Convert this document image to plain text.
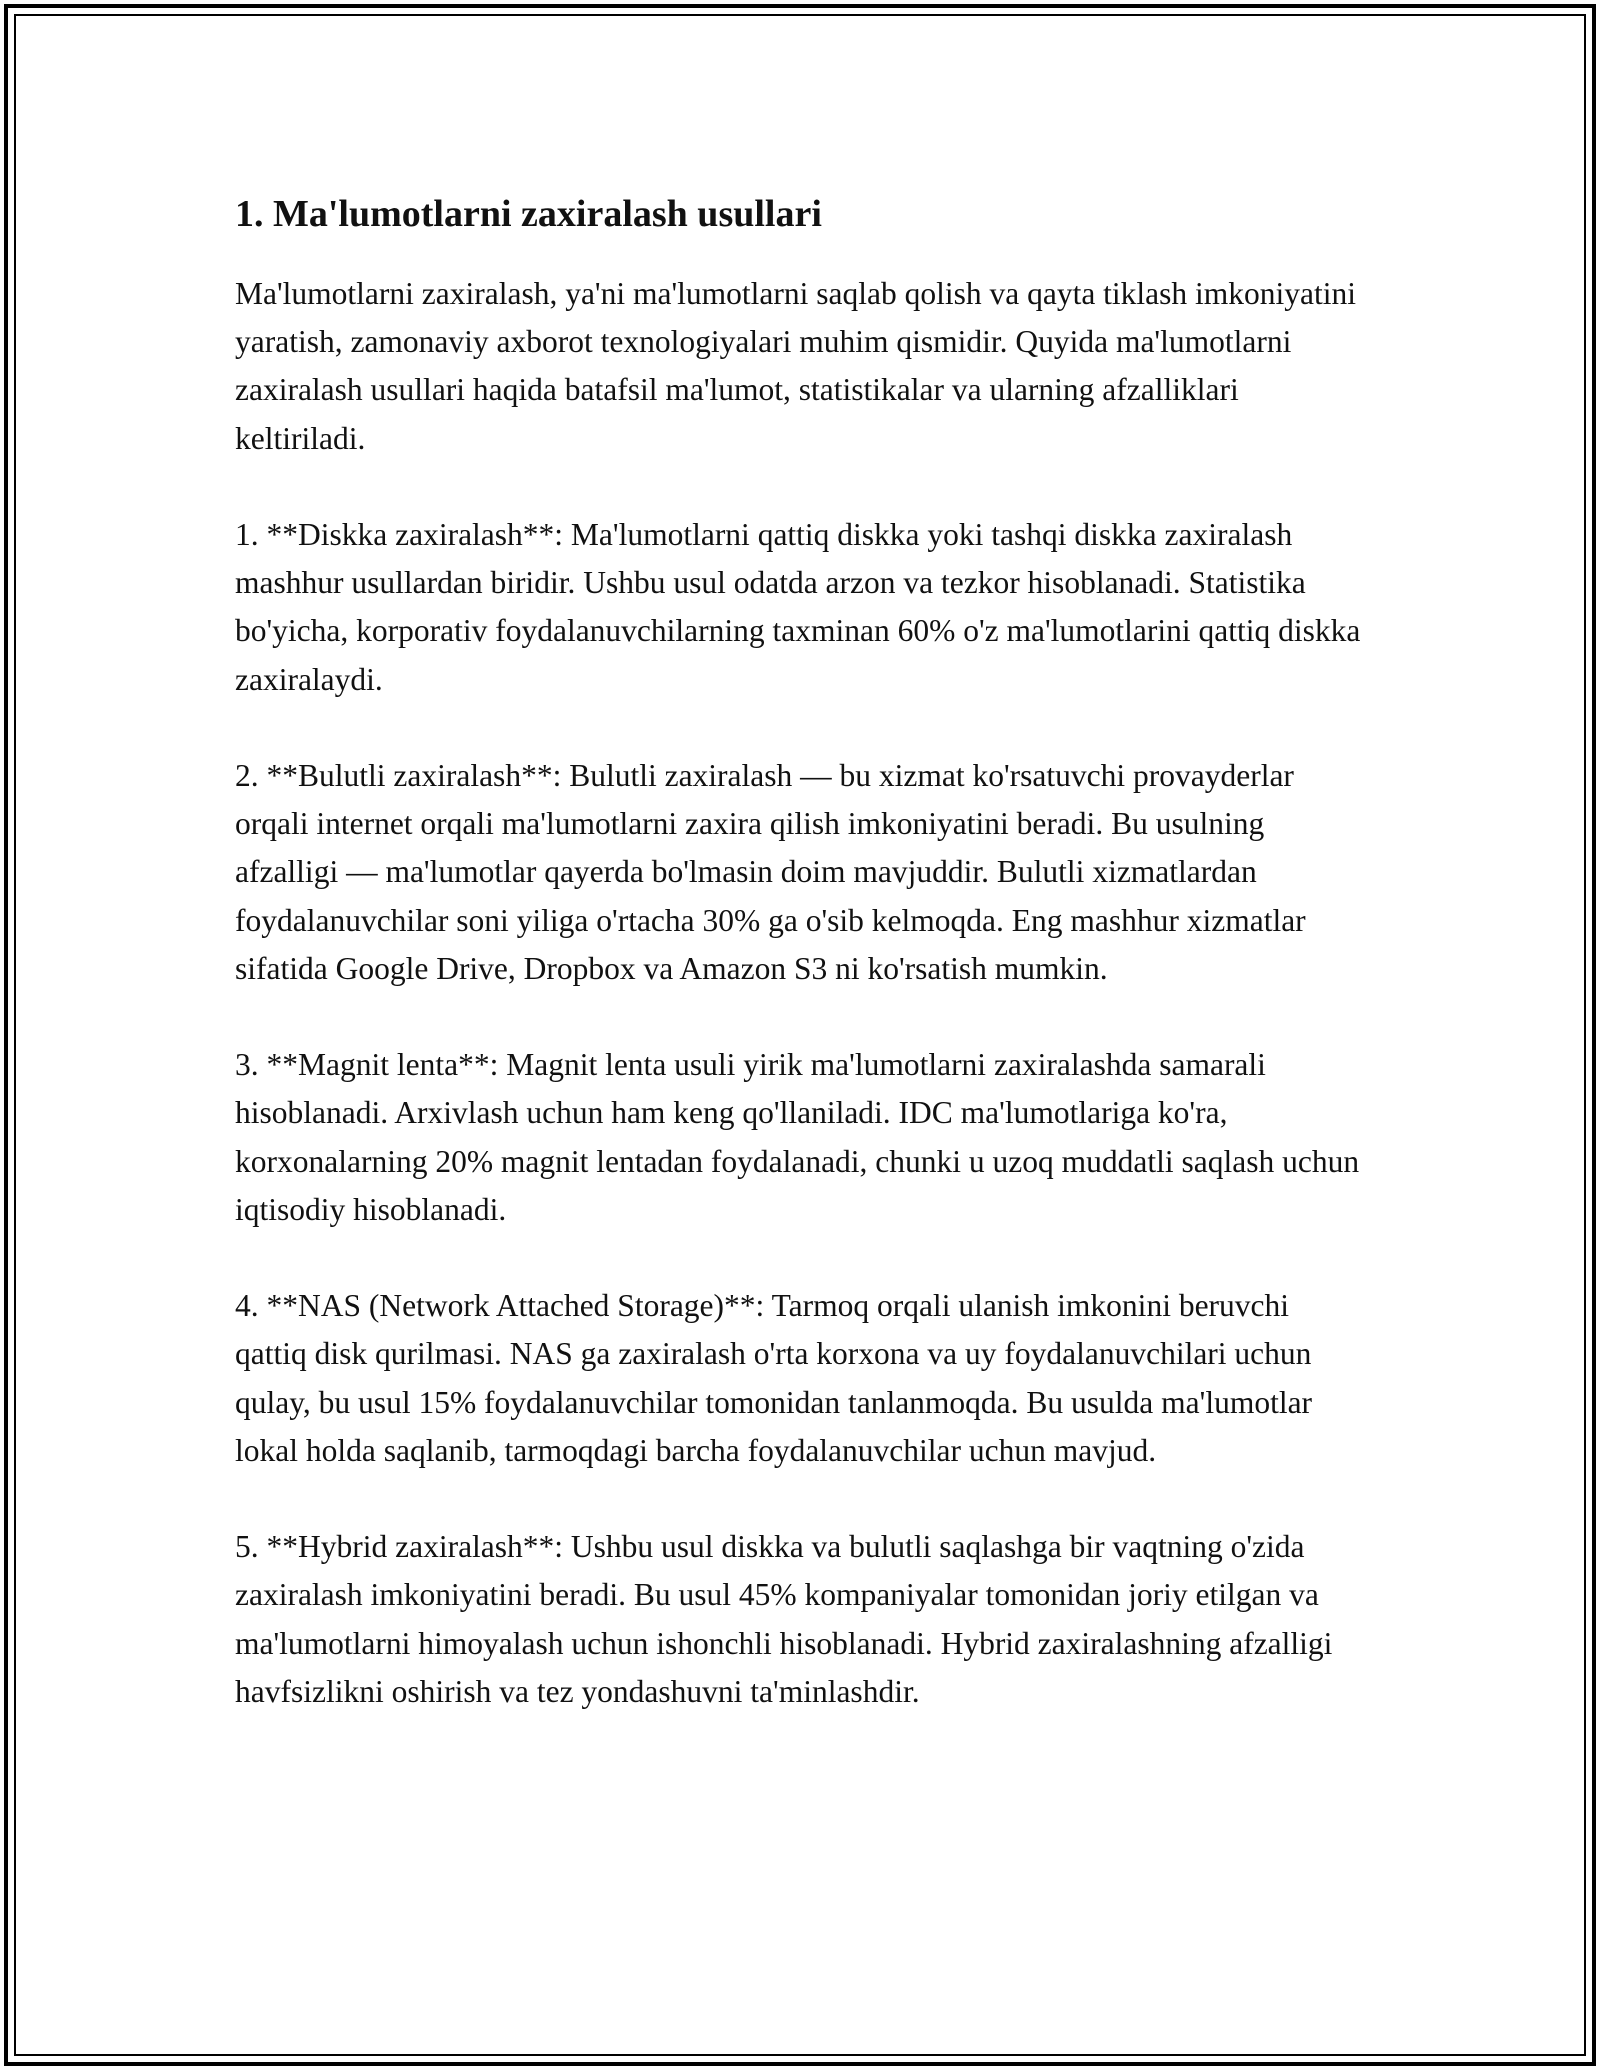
1. Ma'lumotlarni zaxiralash usullari

Ma'lumotlarni zaxiralash, ya'ni ma'lumotlarni saqlab qolish va qayta tiklash imkoniyatini yaratish, zamonaviy axborot texnologiyalari muhim qismidir. Quyida ma'lumotlarni zaxiralash usullari haqida batafsil ma'lumot, statistikalar va ularning afzalliklari keltiriladi.

1. **Diskka zaxiralash**: Ma'lumotlarni qattiq diskka yoki tashqi diskka zaxiralash mashhur usullardan biridir. Ushbu usul odatda arzon va tezkor hisoblanadi. Statistika bo'yicha, korporativ foydalanuvchilarning taxminan 60% o'z ma'lumotlarini qattiq diskka zaxiralaydi.

2. **Bulutli zaxiralash**: Bulutli zaxiralash — bu xizmat ko'rsatuvchi provayderlar orqali internet orqali ma'lumotlarni zaxira qilish imkoniyatini beradi. Bu usulning afzalligi — ma'lumotlar qayerda bo'lmasin doim mavjuddir. Bulutli xizmatlardan foydalanuvchilar soni yiliga o'rtacha 30% ga o'sib kelmoqda. Eng mashhur xizmatlar sifatida Google Drive, Dropbox va Amazon S3 ni ko'rsatish mumkin.

3. **Magnit lenta**: Magnit lenta usuli yirik ma'lumotlarni zaxiralashda samarali hisoblanadi. Arxivlash uchun ham keng qo'llaniladi. IDC ma'lumotlariga ko'ra, korxonalarning 20% magnit lentadan foydalanadi, chunki u uzoq muddatli saqlash uchun iqtisodiy hisoblanadi.

4. **NAS (Network Attached Storage)**: Tarmoq orqali ulanish imkonini beruvchi qattiq disk qurilmasi. NAS ga zaxiralash o'rta korxona va uy foydalanuvchilari uchun qulay, bu usul 15% foydalanuvchilar tomonidan tanlanmoqda. Bu usulda ma'lumotlar lokal holda saqlanib, tarmoqdagi barcha foydalanuvchilar uchun mavjud.

5. **Hybrid zaxiralash**: Ushbu usul diskka va bulutli saqlashga bir vaqtning o'zida zaxiralash imkoniyatini beradi. Bu usul 45% kompaniyalar tomonidan joriy etilgan va ma'lumotlarni himoyalash uchun ishonchli hisoblanadi. Hybrid zaxiralashning afzalligi havfsizlikni oshirish va tez yondashuvni ta'minlashdir.
